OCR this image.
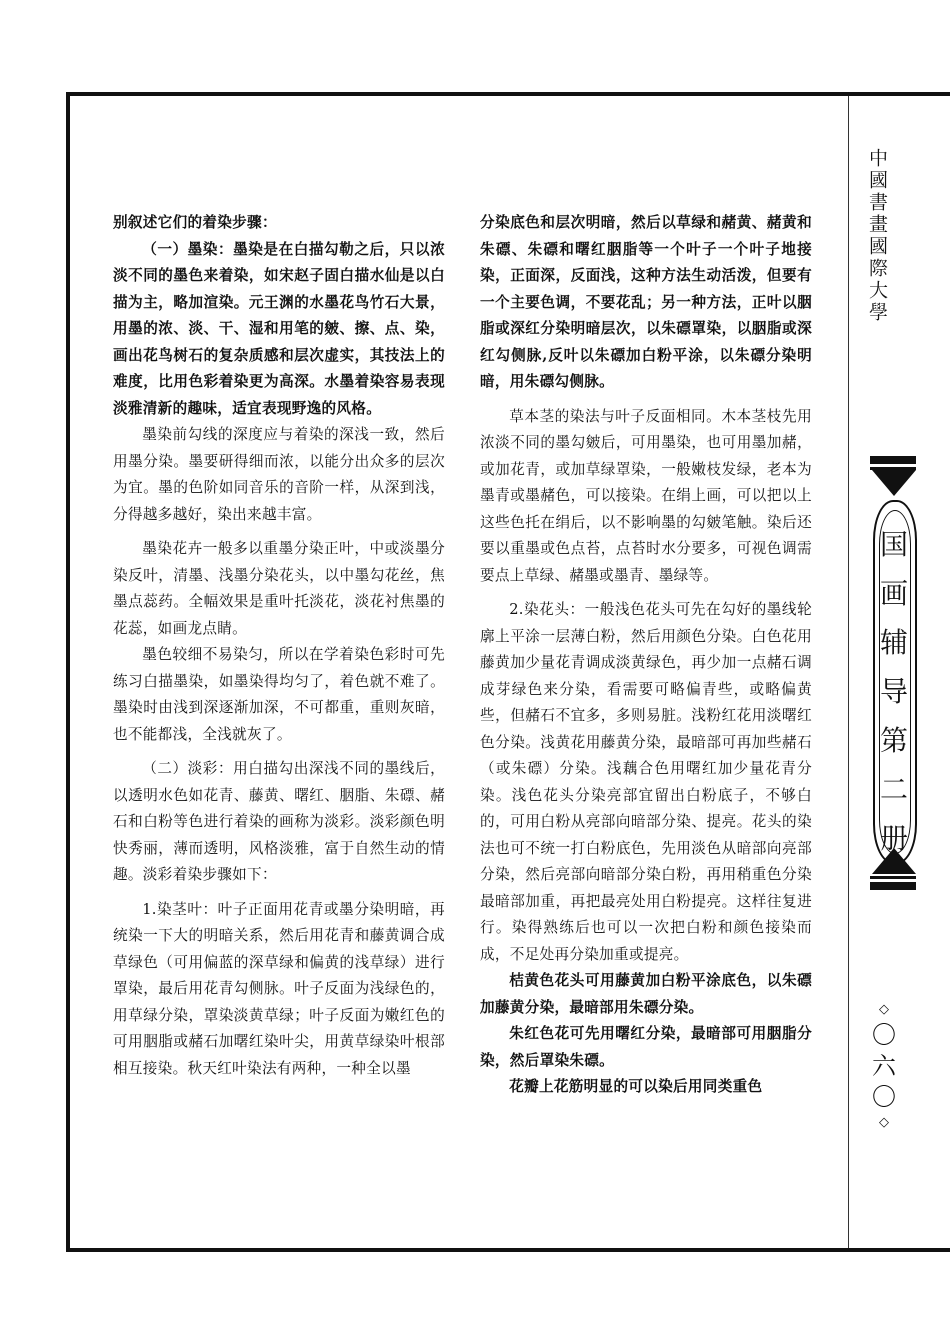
别叙述它们的着染步骤：

（一）墨染：墨染是在白描勾勒之后，只以浓淡不同的墨色来着染，如宋赵子固白描水仙是以白描为主，略加渲染。元王渊的水墨花鸟竹石大景，用墨的浓、淡、干、湿和用笔的皴、擦、点、染，画出花鸟树石的复杂质感和层次虚实，其技法上的难度，比用色彩着染更为高深。水墨着染容易表现淡雅清新的趣味，适宜表现野逸的风格。

墨染前勾线的深度应与着染的深浅一致，然后用墨分染。墨要研得细而浓，以能分出众多的层次为宜。墨的色阶如同音乐的音阶一样，从深到浅，分得越多越好，染出来越丰富。

墨染花卉一般多以重墨分染正叶，中或淡墨分染反叶，清墨、浅墨分染花头，以中墨勾花丝，焦墨点蕊药。全幅效果是重叶托淡花，淡花衬焦墨的花蕊，如画龙点睛。

墨色较细不易染匀，所以在学着染色彩时可先练习白描墨染，如墨染得均匀了，着色就不难了。墨染时由浅到深逐渐加深，不可都重，重则灰暗，也不能都浅，全浅就灰了。

（二）淡彩：用白描勾出深浅不同的墨线后，以透明水色如花青、藤黄、曙红、胭脂、朱磦、赭石和白粉等色进行着染的画称为淡彩。淡彩颜色明快秀丽，薄而透明，风格淡雅，富于自然生动的情趣。淡彩着染步骤如下：

1.染茎叶：叶子正面用花青或墨分染明暗，再统染一下大的明暗关系，然后用花青和藤黄调合成草绿色（可用偏蓝的深草绿和偏黄的浅草绿）进行罩染，最后用花青勾侧脉。叶子反面为浅绿色的，用草绿分染，罩染淡黄草绿；叶子反面为嫩红色的可用胭脂或赭石加曙红染叶尖，用黄草绿染叶根部相互接染。秋天红叶染法有两种，一种全以墨

分染底色和层次明暗，然后以草绿和赭黄、赭黄和朱磦、朱磦和曙红胭脂等一个叶子一个叶子地接染，正面深，反面浅，这种方法生动活泼，但要有一个主要色调，不要花乱；另一种方法，正叶以胭脂或深红分染明暗层次，以朱磦罩染，以胭脂或深红勾侧脉,反叶以朱磦加白粉平涂，以朱磦分染明暗，用朱磦勾侧脉。

草本茎的染法与叶子反面相同。木本茎枝先用浓淡不同的墨勾皴后，可用墨染，也可用墨加赭，或加花青，或加草绿罩染，一般嫩枝发绿，老本为墨青或墨赭色，可以接染。在绢上画，可以把以上这些色托在绢后，以不影响墨的勾皴笔触。染后还要以重墨或色点苔，点苔时水分要多，可视色调需要点上草绿、赭墨或墨青、墨绿等。

2.染花头：一般浅色花头可先在勾好的墨线轮廓上平涂一层薄白粉，然后用颜色分染。白色花用藤黄加少量花青调成淡黄绿色，再少加一点赭石调成芽绿色来分染，看需要可略偏青些，或略偏黄些，但赭石不宜多，多则易脏。浅粉红花用淡曙红色分染。浅黄花用藤黄分染，最暗部可再加些赭石（或朱磦）分染。浅藕合色用曙红加少量花青分染。浅色花头分染亮部宜留出白粉底子，不够白的，可用白粉从亮部向暗部分染、提亮。花头的染法也可不统一打白粉底色，先用淡色从暗部向亮部分染，然后亮部向暗部分染白粉，再用稍重色分染最暗部加重，再把最亮处用白粉提亮。这样往复进行。染得熟练后也可以一次把白粉和颜色接染而成，不足处再分染加重或提亮。

桔黄色花头可用藤黄加白粉平涂底色，以朱磦加藤黄分染，最暗部用朱磦分染。

朱红色花可先用曙红分染，最暗部可用胭脂分染，然后罩染朱磦。

花瓣上花筋明显的可以染后用同类重色

中國書畫國際大學
国
画
辅
导
第
二
册
◇
〇
六
〇
◇
